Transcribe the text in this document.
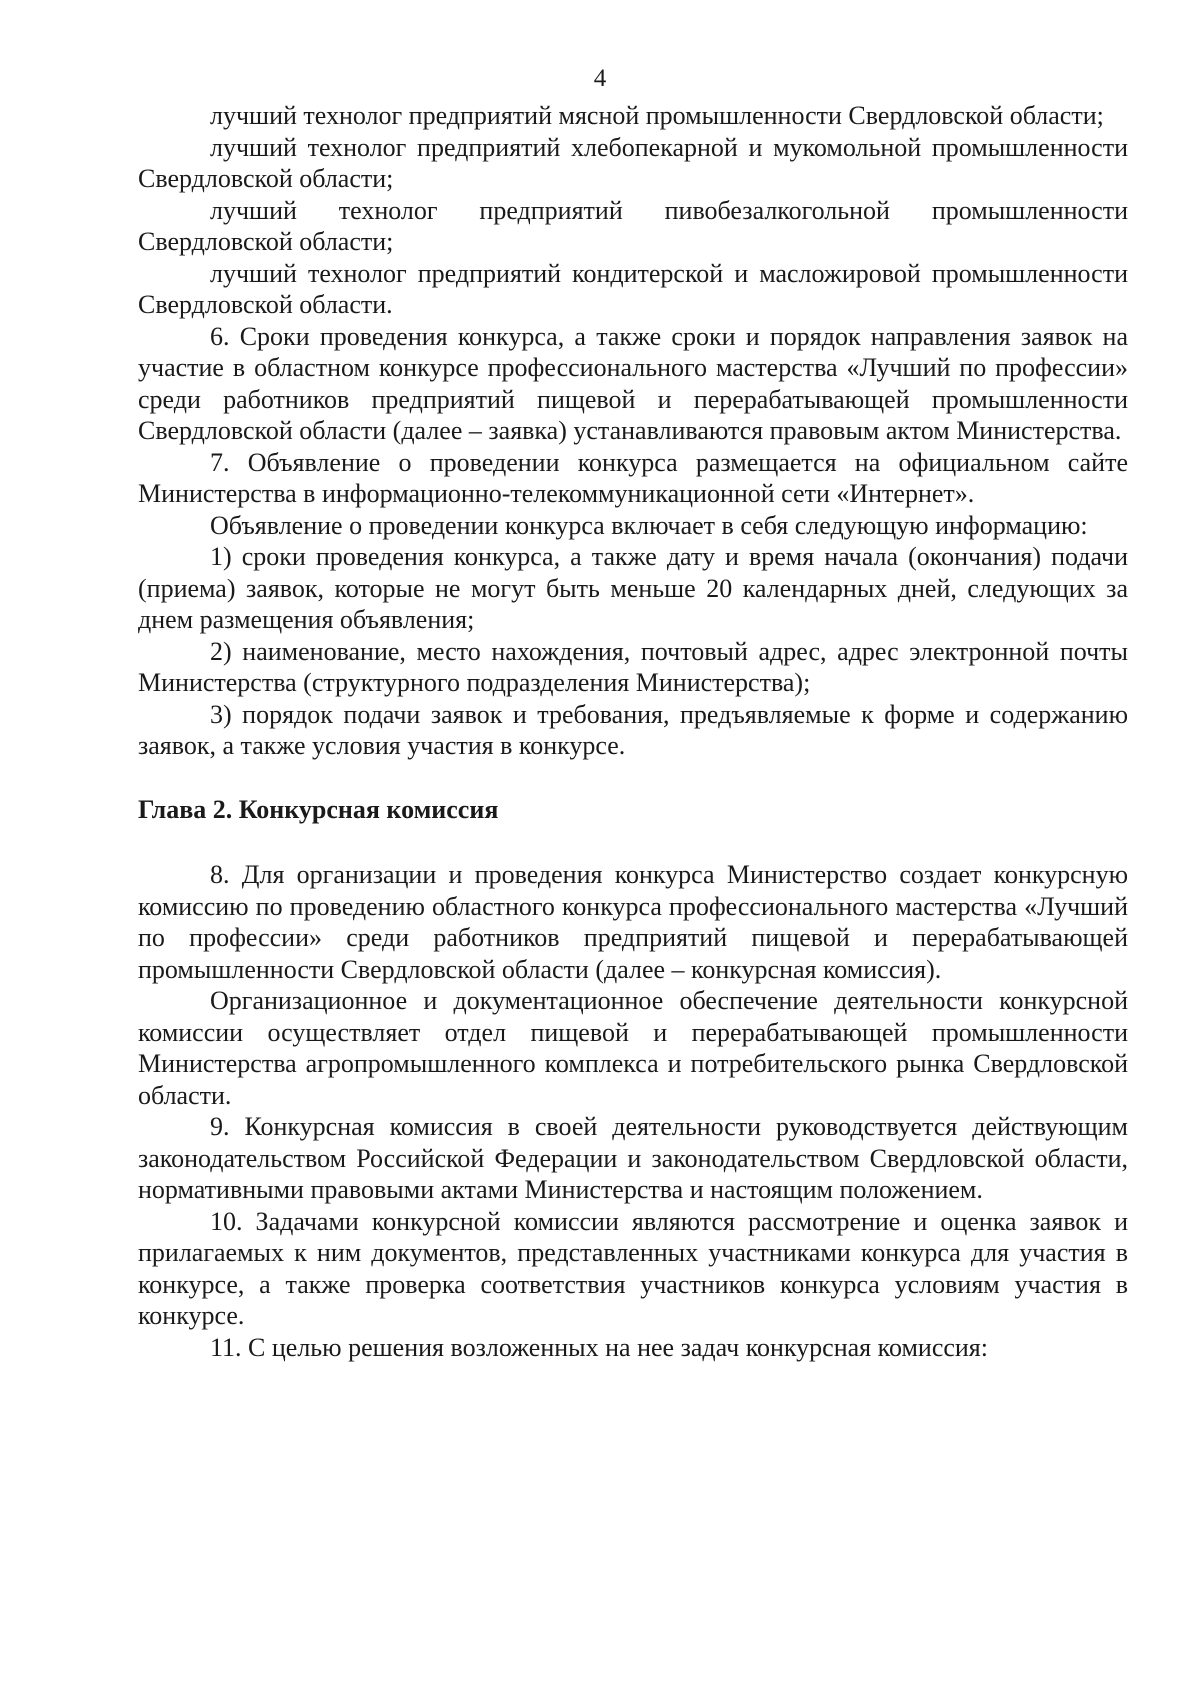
4

лучший технолог предприятий мясной промышленности Свердловской области;

лучший технолог предприятий хлебопекарной и мукомольной промышленности Свердловской области;

лучший технолог предприятий пивобезалкогольной промышленности Свердловской области;

лучший технолог предприятий кондитерской и масложировой промышленности Свердловской области.

6. Сроки проведения конкурса, а также сроки и порядок направления заявок на участие в областном конкурсе профессионального мастерства «Лучший по профессии» среди работников предприятий пищевой и перерабатывающей промышленности Свердловской области (далее – заявка) устанавливаются правовым актом Министерства.

7. Объявление о проведении конкурса размещается на официальном сайте Министерства в информационно-телекоммуникационной сети «Интернет».

Объявление о проведении конкурса включает в себя следующую информацию:

1) сроки проведения конкурса, а также дату и время начала (окончания) подачи (приема) заявок, которые не могут быть меньше 20 календарных дней, следующих за днем размещения объявления;

2) наименование, место нахождения, почтовый адрес, адрес электронной почты Министерства (структурного подразделения Министерства);

3) порядок подачи заявок и требования, предъявляемые к форме и содержанию заявок, а также условия участия в конкурсе.

Глава 2. Конкурсная комиссия

8. Для организации и проведения конкурса Министерство создает конкурсную комиссию по проведению областного конкурса профессионального мастерства «Лучший по профессии» среди работников предприятий пищевой и перерабатывающей промышленности Свердловской области (далее – конкурсная комиссия).

Организационное и документационное обеспечение деятельности конкурсной комиссии осуществляет отдел пищевой и перерабатывающей промышленности Министерства агропромышленного комплекса и потребительского рынка Свердловской области.

9. Конкурсная комиссия в своей деятельности руководствуется действующим законодательством Российской Федерации и законодательством Свердловской области, нормативными правовыми актами Министерства и настоящим положением.

10. Задачами конкурсной комиссии являются рассмотрение и оценка заявок и прилагаемых к ним документов, представленных участниками конкурса для участия в конкурсе, а также проверка соответствия участников конкурса условиям участия в конкурсе.

11. С целью решения возложенных на нее задач конкурсная комиссия:
